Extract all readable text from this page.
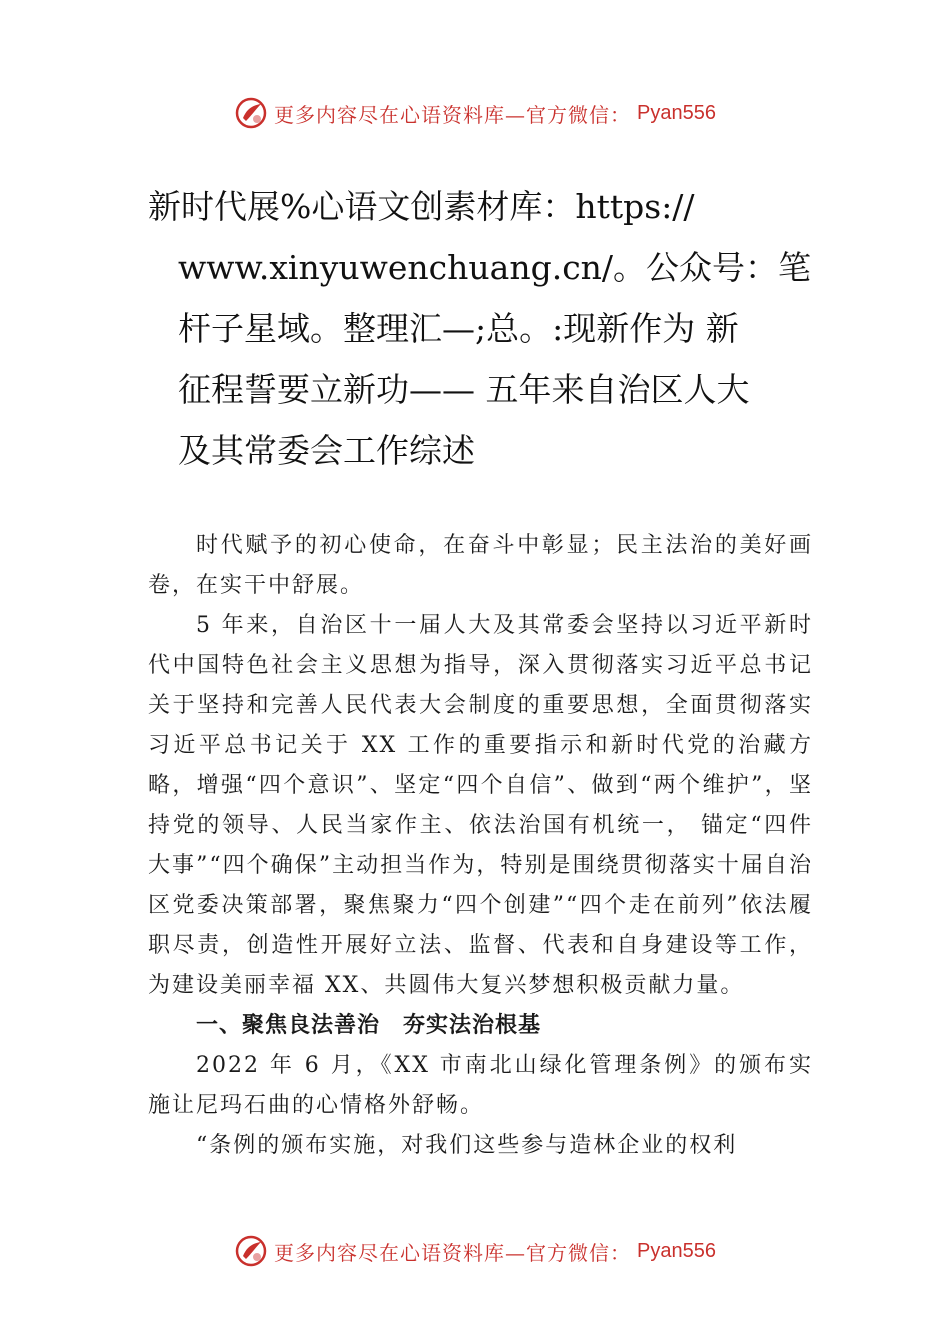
更多内容尽在心语资料库—官方微信： Pyan556
新时代展%心语文创素材库：https://
www.xinyuwenchuang.cn/。公众号：笔
杆子星域。整理汇—;总。:现新作为 新
征程誓要立新功—— 五年来自治区人大
及其常委会工作综述

时代赋予的初心使命，在奋斗中彰显；民主法治的美好画卷，在实干中舒展。

5 年来，自治区十一届人大及其常委会坚持以习近平新时代中国特色社会主义思想为指导，深入贯彻落实习近平总书记关于坚持和完善人民代表大会制度的重要思想，全面贯彻落实习近平总书记关于 XX 工作的重要指示和新时代党的治藏方略，增强“四个意识”、坚定“四个自信”、做到“两个维护”，坚持党的领导、人民当家作主、依法治国有机统一， 锚定“四件大事”“四个确保”主动担当作为，特别是围绕贯彻落实十届自治区党委决策部署，聚焦聚力“四个创建”“四个走在前列”依法履职尽责，创造性开展好立法、监督、代表和自身建设等工作，为建设美丽幸福 XX、共圆伟大复兴梦想积极贡献力量。

一、聚焦良法善治　夯实法治根基

2022 年 6 月，《XX 市南北山绿化管理条例》的颁布实施让尼玛石曲的心情格外舒畅。

“条例的颁布实施，对我们这些参与造林企业的权利

更多内容尽在心语资料库—官方微信： Pyan556
